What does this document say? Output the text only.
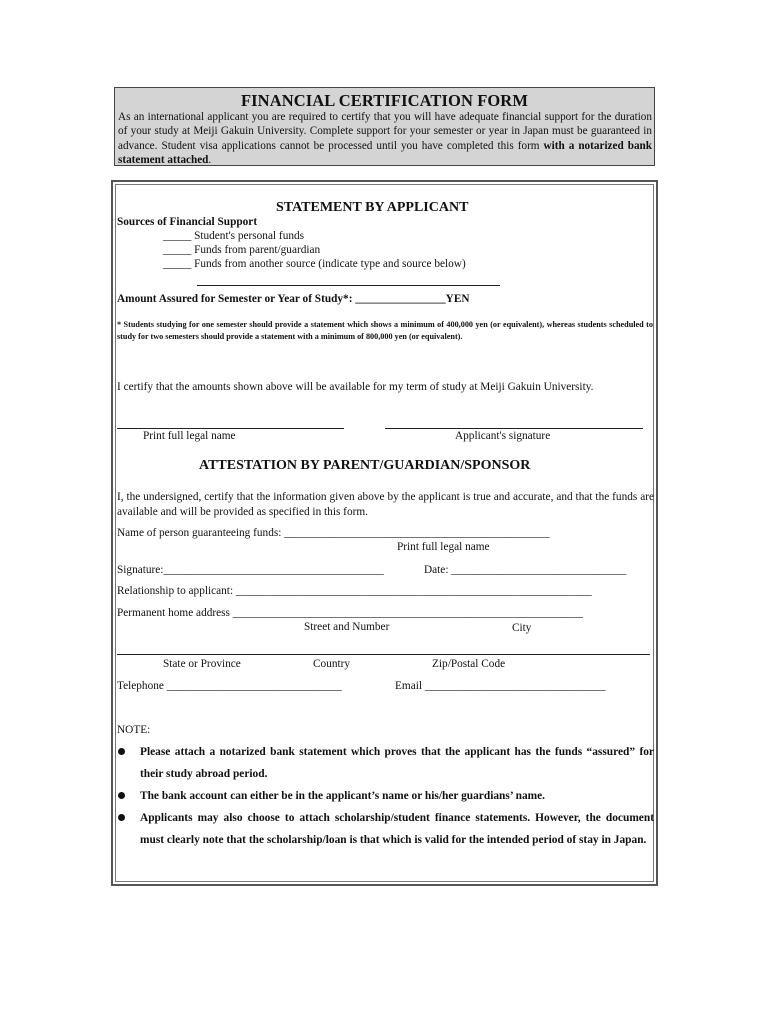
FINANCIAL CERTIFICATION FORM
As an international applicant you are required to certify that you will have adequate financial support for the duration of your study at Meiji Gakuin University. Complete support for your semester or year in Japan must be guaranteed in advance. Student visa applications cannot be processed until you have completed this form with a notarized bank statement attached.
STATEMENT BY APPLICANT
Sources of Financial Support
_____ Student's personal funds
_____ Funds from parent/guardian
_____ Funds from another source (indicate type and source below)
Amount Assured for Semester or Year of Study*: ________________YEN
* Students studying for one semester should provide a statement which shows a minimum of 400,000 yen (or equivalent), whereas students scheduled to study for two semesters should provide a statement with a minimum of 800,000 yen (or equivalent).
I certify that the amounts shown above will be available for my term of study at Meiji Gakuin University.
Print full legal name	Applicant's signature
ATTESTATION BY PARENT/GUARDIAN/SPONSOR
I, the undersigned, certify that the information given above by the applicant is true and accurate, and that the funds are available and will be provided as specified in this form.
Name of person guaranteeing funds: _______________________________________________
Print full legal name
Signature:_______________________________________	Date: _______________________________
Relationship to applicant: _______________________________________________________________
Permanent home address ______________________________________________________________
Street and Number	City
State or Province	Country	Zip/Postal Code
Telephone _______________________________	Email ________________________________
NOTE:
Please attach a notarized bank statement which proves that the applicant has the funds “assured” for their study abroad period.
The bank account can either be in the applicant’s name or his/her guardians’ name.
Applicants may also choose to attach scholarship/student finance statements. However, the document must clearly note that the scholarship/loan is that which is valid for the intended period of stay in Japan.
